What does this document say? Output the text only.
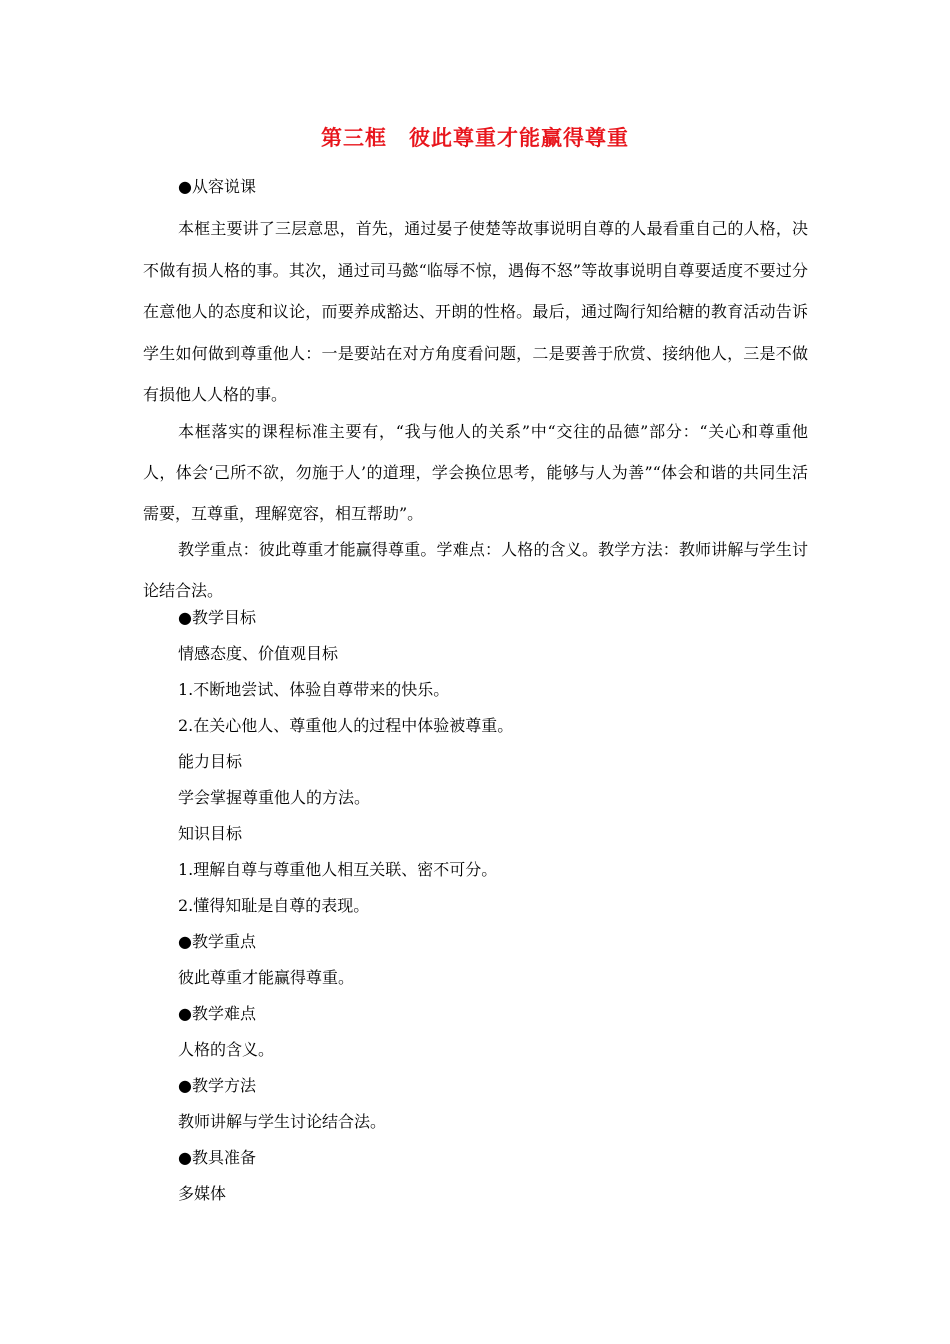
第三框　彼此尊重才能赢得尊重
●从容说课

本框主要讲了三层意思，首先，通过晏子使楚等故事说明自尊的人最看重自己的人格，决不做有损人格的事。其次，通过司马懿“临辱不惊，遇侮不怒”等故事说明自尊要适度不要过分在意他人的态度和议论，而要养成豁达、开朗的性格。最后，通过陶行知给糖的教育活动告诉学生如何做到尊重他人：一是要站在对方角度看问题，二是要善于欣赏、接纳他人，三是不做有损他人人格的事。

本框落实的课程标准主要有，“我与他人的关系”中“交往的品德”部分：“关心和尊重他人，体会‘己所不欲，勿施于人’的道理，学会换位思考，能够与人为善”“体会和谐的共同生活需要，互尊重，理解宽容，相互帮助”。

教学重点：彼此尊重才能赢得尊重。学难点：人格的含义。教学方法：教师讲解与学生讨论结合法。

●教学目标
情感态度、价值观目标
1.不断地尝试、体验自尊带来的快乐。
2.在关心他人、尊重他人的过程中体验被尊重。
能力目标
学会掌握尊重他人的方法。
知识目标
1.理解自尊与尊重他人相互关联、密不可分。
2.懂得知耻是自尊的表现。
●教学重点
彼此尊重才能赢得尊重。
●教学难点
人格的含义。
●教学方法
教师讲解与学生讨论结合法。
●教具准备
多媒体
